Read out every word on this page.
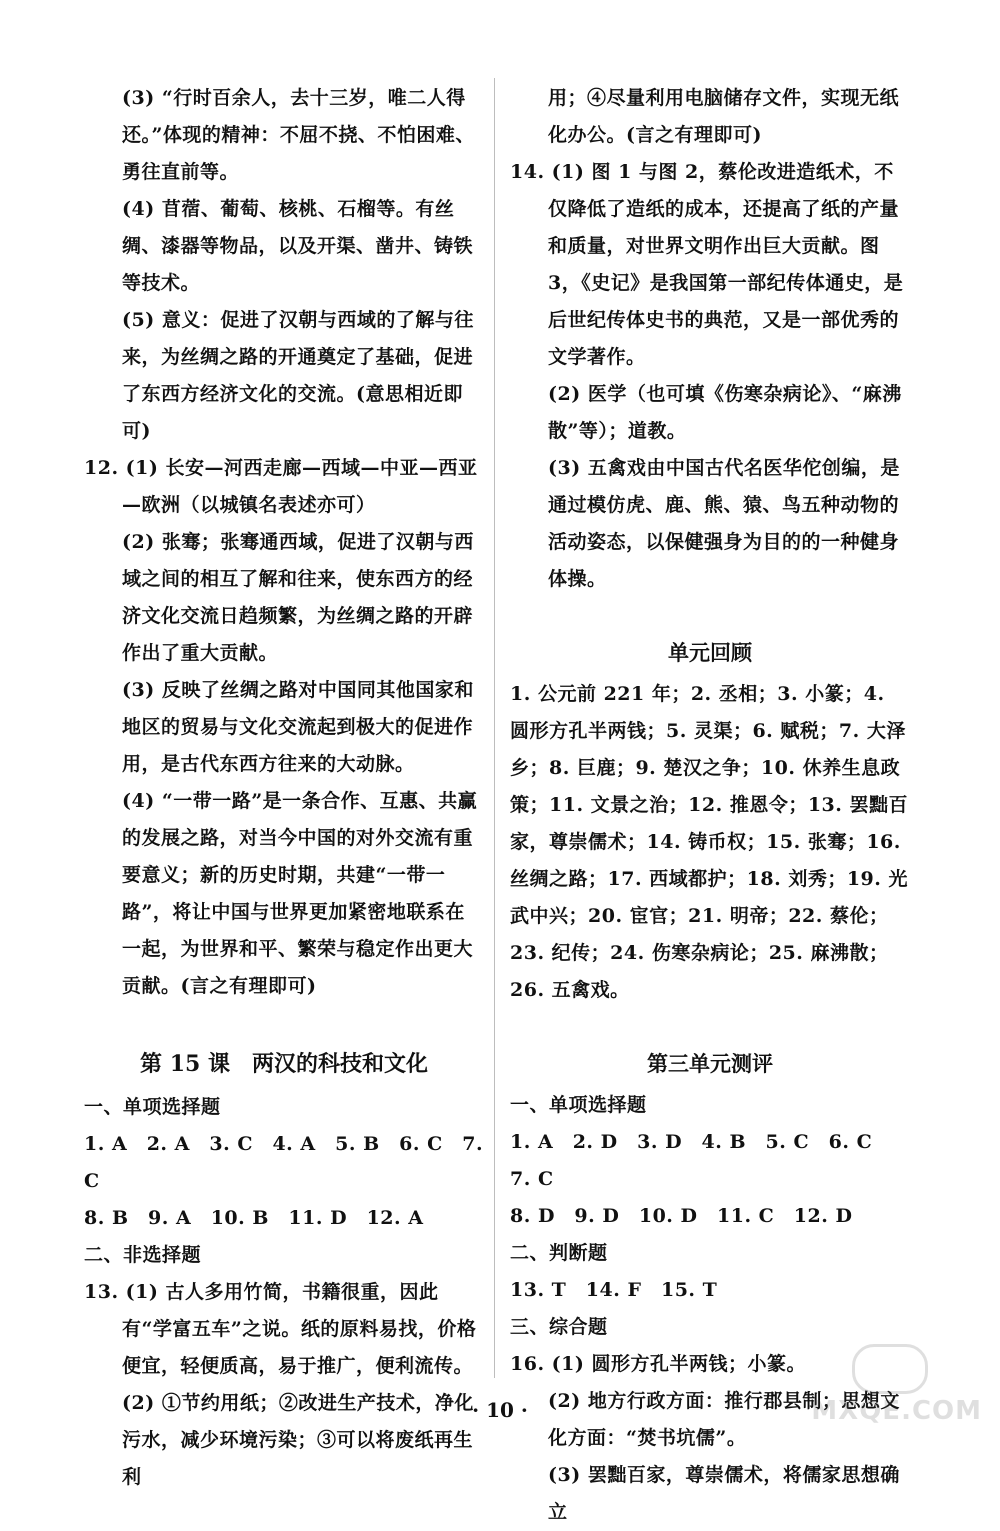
(3) “行时百余人，去十三岁，唯二人得还。”体现的精神：不屈不挠、不怕困难、勇往直前等。

(4) 苜蓿、葡萄、核桃、石榴等。有丝绸、漆器等物品，以及开渠、凿井、铸铁等技术。

(5) 意义：促进了汉朝与西域的了解与往来，为丝绸之路的开通奠定了基础，促进了东西方经济文化的交流。(意思相近即可)

12. (1) 长安—河西走廊—西域—中亚—西亚—欧洲（以城镇名表述亦可）

(2) 张骞；张骞通西域，促进了汉朝与西域之间的相互了解和往来，使东西方的经济文化交流日趋频繁，为丝绸之路的开辟作出了重大贡献。

(3) 反映了丝绸之路对中国同其他国家和地区的贸易与文化交流起到极大的促进作用，是古代东西方往来的大动脉。

(4) “一带一路”是一条合作、互惠、共赢的发展之路，对当今中国的对外交流有重要意义；新的历史时期，共建“一带一路”，将让中国与世界更加紧密地联系在一起，为世界和平、繁荣与稳定作出更大贡献。(言之有理即可)

第 15 课　两汉的科技和文化

一、单项选择题

1. A　2. A　3. C　4. A　5. B　6. C　7. C

8. B　9. A　10. B　11. D　12. A

二、非选择题

13. (1) 古人多用竹简，书籍很重，因此有“学富五车”之说。纸的原料易找，价格便宜，轻便质高，易于推广，便利流传。

(2) ①节约用纸；②改进生产技术，净化污水，减少环境污染；③可以将废纸再生利

用；④尽量利用电脑储存文件，实现无纸化办公。(言之有理即可)

14. (1) 图 1 与图 2，蔡伦改进造纸术，不仅降低了造纸的成本，还提高了纸的产量和质量，对世界文明作出巨大贡献。图 3，《史记》是我国第一部纪传体通史，是后世纪传体史书的典范，又是一部优秀的文学著作。

(2) 医学（也可填《伤寒杂病论》、“麻沸散”等）；道教。

(3) 五禽戏由中国古代名医华佗创编，是通过模仿虎、鹿、熊、猿、鸟五种动物的活动姿态，以保健强身为目的的一种健身体操。

单元回顾

1. 公元前 221 年；2. 丞相；3. 小篆；4. 圆形方孔半两钱；5. 灵渠；6. 赋税；7. 大泽乡；8. 巨鹿；9. 楚汉之争；10. 休养生息政策；11. 文景之治；12. 推恩令；13. 罢黜百家，尊崇儒术；14. 铸币权；15. 张骞；16. 丝绸之路；17. 西域都护；18. 刘秀；19. 光武中兴；20. 宦官；21. 明帝；22. 蔡伦；23. 纪传；24. 伤寒杂病论；25. 麻沸散；26. 五禽戏。

第三单元测评

一、单项选择题

1. A　2. D　3. D　4. B　5. C　6. C　7. C

8. D　9. D　10. D　11. C　12. D

二、判断题

13. T　14. F　15. T

三、综合题

16. (1) 圆形方孔半两钱；小篆。

(2) 地方行政方面：推行郡县制；思想文化方面：“焚书坑儒”。

(3) 罢黜百家，尊崇儒术，将儒家思想确立

· 10 ·	MXQE.COM
